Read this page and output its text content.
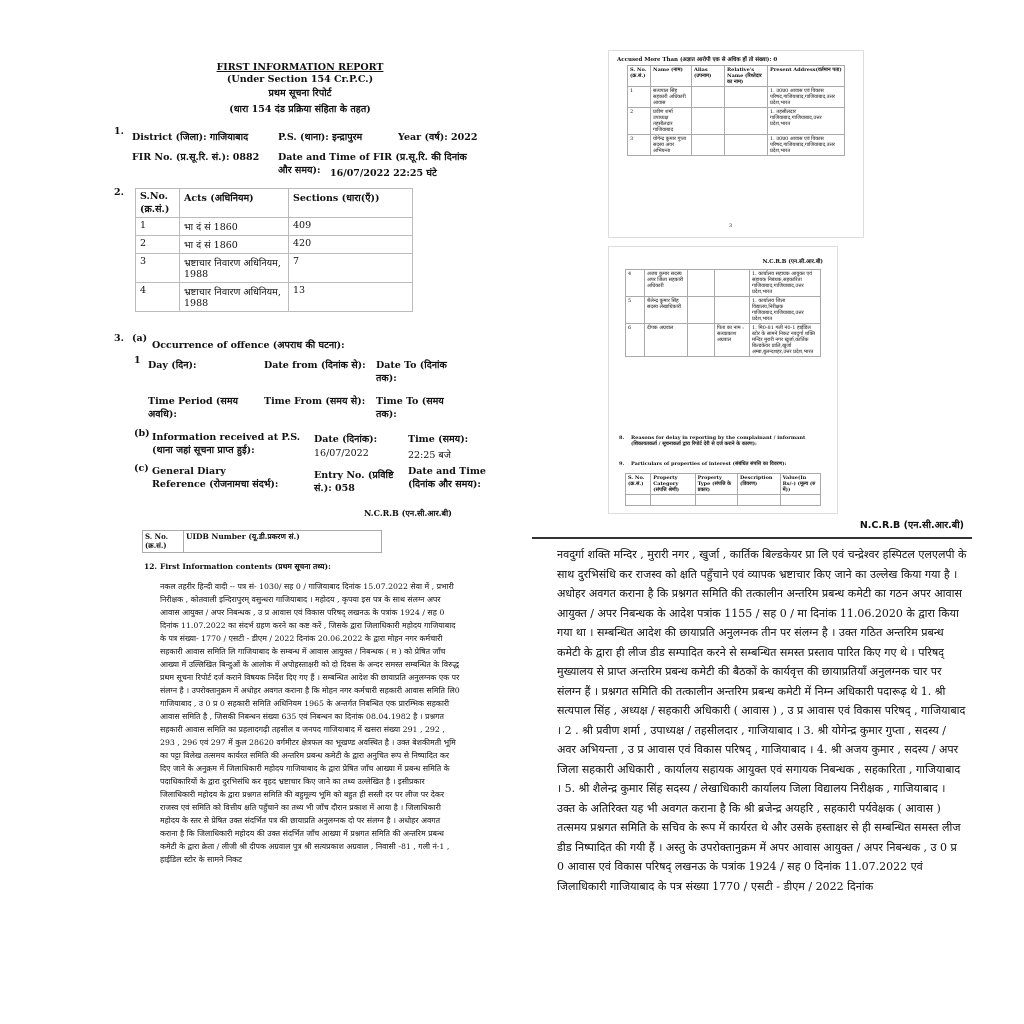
FIRST INFORMATION REPORT
(Under Section 154 Cr.P.C.)
प्रथम सूचना रिपोर्ट
(धारा 154 दंड प्रक्रिया संहिता के तहत)
1.
District (जिला): गाजियाबाद	P.S. (थाना): इन्द्रापुरम	Year (वर्ष): 2022
FIR No. (प्र.सू.रि. सं.): 0882 Date and Time of FIR (प्र.सू.रि. की दिनांक और समय): 16/07/2022 22:25 घंटे
2. S.No. (क्र.सं.)	Acts (अधिनियम)	Sections (धारा(एँ))
1	भा दं सं 1860	409
2	भा दं सं 1860	420
3	भ्रष्टाचार निवारण अधिनियम, 1988	7
4	भ्रष्टाचार निवारण अधिनियम, 1988	13
3. (a)
Occurrence of offence (अपराध की घटना):
1 Day (दिन):	Date from (दिनांक से): Date To (दिनांक तक):
Time Period (समय अवधि):
Time From (समय से): Time To (समय तक):
(b) Information received at P.S. (थाना जहां सूचना प्राप्त हुई):
Date (दिनांक):
16/07/2022
Time (समय):
22:25 बजे
(c) General Diary Reference (रोजनामचा संदर्भ):
Entry No. (प्रविष्टि सं.): 058
Date and Time (दिनांक और समय):
N.C.R.B (एन.सी.आर.बी)
Accused More Than (अज्ञात आरोपी एक से अधिक हों तो संख्या): 0
S. No. (क्र.सं.)	Name (नाम)	Alias (उपनाम)	Relative's Name (रिश्तेदार का नाम)	Present Address(वर्तमान पता)
1	सत्यपाल सिंह सहकारी अधिकारी आवास			1. उ0प्र0 आवास एवं विकास परिषद,गाजियाबाद,गाजियाबाद,उत्तर प्रदेश,भारत
2	प्रवीण शर्मा उपाध्यक्ष तहसीलदार गाजियाबाद			1. तहसीलदार गाजियाबाद,गाजियाबाद,उत्तर प्रदेश,भारत
3	योगेन्द्र कुमार गुप्ता सदस्य अवर अभियन्ता			1. उ0प्र0 आवास एवं विकास परिषद,गाजियाबाद,गाजियाबाद,उत्तर प्रदेश,भारत
3
N.C.R.B (एन.सी.आर.बी)
4	अजय कुमार सदस्य अपर जिला सहकारी अधिकारी			1. कार्यालय सहायक आयुक्त एवं सहायक निबंधक,सहकारिता गाजियाबाद,गाजियाबाद,उत्तर प्रदेश,भारत
5	शैलेन्द्र कुमार सिंह सदस्य लेखाधिकारी			1. कार्यालय जिला विद्यालय,निरीक्षक गाजियाबाद,गाजियाबाद,उत्तर प्रदेश,भारत
6	दीपक अग्रवाल		पिता का नाम : सत्यप्रकाश अग्रवाल	1. मि0-81 गली नं0-1 हाईडिल स्टोर के सामने निकट नवदुर्गा शक्ति मन्दिर मुरारी नगर खुर्जा,कार्तिक बिल्डकेयर प्रालि,खुर्जा अम्बा,बुलन्दशहर,उत्तर प्रदेश,भारत
8. Reasons for delay in reporting by the complainant / informant (शिकायतकर्ता / सूचनाकर्ता द्वारा रिपोर्ट देरी से दर्ज कराने के कारण):
9. Particulars of properties of interest (संबंधित संपत्ति का विवरण):
S. No. (क्र.सं.)	Property Category (संपत्ति श्रेणी)	Property Type (संपत्ति के प्रकार)	Description (विवरण)	Value(In Rs/-) (मूल्य (रु में))

S. No. (क्र.सं.)	UIDB Number (यू.डी.प्रकरण सं.)
12. First Information contents (प्रथम सूचना तथ्य):
नकल तहरीर हिन्दी वादी -- पत्र सं- 1030/ सह 0 / गाजियाबाद दिनांक 15.07.2022 सेवा में , प्रभारी निरीक्षक , कोतवाली इन्दिरापुरम् वसुन्धरा गाजियाबाद । महोदय , कृपया इस पत्र के साथ संलग्न अपर आवास आयुक्त / अपर निबन्धक , उ प्र आवास एवं विकास परिषद् लखनऊ के पत्रांक 1924 / सह 0 दिनांक 11.07.2022 का संदर्भ ग्रहण करने का कष्ट करें , जिसके द्वारा जिलाधिकारी महोदय गाजियाबाद के पत्र संख्या- 1770 / एसटी - डीएम / 2022 दिनांक 20.06.2022 के द्वारा मोहन नगर कर्मचारी सहकारी आवास समिति लि गाजियाबाद के सम्बन्ध में आवास आयुक्त / निबन्धक ( म ) को प्रेषित जाँच आख्या में उल्लिखित बिन्दुओं के आलोक में अपोहस्ताक्षरी को दो दिवस के अन्दर समस्त सम्बन्धित के विरुद्ध प्रथम सूचना रिपोर्ट दर्ज कराने विषयक निर्देश दिए गए हैं । सम्बन्धित आदेश की छायाप्रति अनुलग्नक एक पर संलग्न है । उपरोक्तानुक्रम में अधोहर अवगत कराना है कि मोहन नगर कर्मचारी सहकारी आवास समिति लि0 गाजियाबाद , उ 0 प्र 0 सहकारी समिति अधिनियम 1965 के अन्तर्गत निबन्धित एक प्रारम्भिक सहकारी आवास समिति है , जिसकी निबन्धन संख्या 635 एवं निबन्धन का दिनांक 08.04.1982 है । प्रश्नगत सहकारी आवास समिति का प्रहलादगढ़ी तहसील व जनपद गाजियाबाद में खसरा संख्या 291 , 292 , 293 , 296 एवं 297 में कुल 28620 वर्गमीटर क्षेत्रफल का भूखण्ड अवस्थित है । उक्त बेशकीमती भूमि का पट्टा विलेख तत्समय कार्यरत समिति की अन्तरिम प्रबन्ध कमेटी के द्वारा अनुचित रूप से निष्पादित कर दिए जाने के अनुक्रम में जिलाधिकारी महोदय गाजियाबाद के द्वारा प्रेषित जाँच आख्या में प्रबन्ध समिति के पदाधिकारियों के द्वारा दुरभिसंधि कर वृहद भ्रष्टाचार किए जाने का तथ्य उल्लेखित है । इसीप्रकार जिलाधिकारी महोदय के द्वारा प्रश्नगत समिति की बहुमूल्य भूमि को बहुत ही सस्ती दर पर लीज पर देकर राजस्व एवं समिति को वित्तीय क्षति पहुँचाने का तथ्य भी जाँच दौरान प्रकाश में आया है । जिलाधिकारी महोदय के स्तर से प्रेषित उक्त संदर्भित पत्र की छायाप्रति अनुलग्नक दो पर संलग्न है । अधोहर अवगत कराना है कि जिलाधिकारी महोदय की उक्त संदर्भित जाँच आख्या में प्रश्नगत समिति की अन्तरिम प्रबन्ध कमेटी के द्वारा क्रेता / लीजी श्री दीपक अग्रवाल पुत्र श्री सत्यप्रकाश अग्रवाल , निवासी -81 , गली नं-1 , हाईडिल स्टोर के सामने निकट
N.C.R.B (एन.सी.आर.बी)
नवदुर्गा शक्ति मन्दिर , मुरारी नगर , खुर्जा , कार्तिक बिल्डकेयर प्रा लि एवं चन्द्रेश्वर हस्पिटल एलएलपी के साथ दुरभिसंधि कर राजस्व को क्षति पहुँचाने एवं व्यापक भ्रष्टाचार किए जाने का उल्लेख किया गया है । अधोहर अवगत कराना है कि प्रश्नगत समिति की तत्कालीन अन्तरिम प्रबन्ध कमेटी का गठन अपर आवास आयुक्त / अपर निबन्धक के आदेश पत्रांक 1155 / सह 0 / मा दिनांक 11.06.2020 के द्वारा किया गया था । सम्बन्धित आदेश की छायाप्रति अनुलग्नक तीन पर संलग्न है । उक्त गठित अन्तरिम प्रबन्ध कमेटी के द्वारा ही लीज डीड सम्पादित करने से सम्बन्धित समस्त प्रस्ताव पारित किए गए थे । परिषद् मुख्यालय से प्राप्त अन्तरिम प्रबन्ध कमेटी की बैठकों के कार्यवृत्त की छायाप्रतियाँ अनुलग्नक चार पर संलग्न हैं । प्रश्नगत समिति की तत्कालीन अन्तरिम प्रबन्ध कमेटी में निम्न अधिकारी पदारूढ़ थे 1. श्री सत्यपाल सिंह , अध्यक्ष / सहकारी अधिकारी ( आवास ) , उ प्र आवास एवं विकास परिषद् , गाजियाबाद । 2 . श्री प्रवीण शर्मा , उपाध्यक्ष / तहसीलदार , गाजियाबाद । 3. श्री योगेन्द्र कुमार गुप्ता , सदस्य / अवर अभियन्ता , उ प्र आवास एवं विकास परिषद् , गाजियाबाद । 4. श्री अजय कुमार , सदस्य / अपर जिला सहकारी अधिकारी , कार्यालय सहायक आयुक्त एवं सगायक निबन्धक , सहकारिता , गाजियाबाद । 5. श्री शैलेन्द्र कुमार सिंह सदस्य / लेखाधिकारी कार्यालय जिला विद्यालय निरीक्षक , गाजियाबाद । उक्त के अतिरिक्त यह भी अवगत कराना है कि श्री ब्रजेन्द्र अयहरि , सहकारी पर्यवेक्षक ( आवास ) तत्समय प्रश्नगत समिति के सचिव के रूप में कार्यरत थे और उसके हस्ताक्षर से ही सम्बन्धित समस्त लीज डीड निष्पादित की गयी हैं । अस्तु के उपरोक्तानुक्रम में अपर आवास आयुक्त / अपर निबन्धक , उ 0 प्र 0 आवास एवं विकास परिषद् लखनऊ के पत्रांक 1924 / सह 0 दिनांक 11.07.2022 एवं जिलाधिकारी गाजियाबाद के पत्र संख्या 1770 / एसटी - डीएम / 2022 दिनांक
